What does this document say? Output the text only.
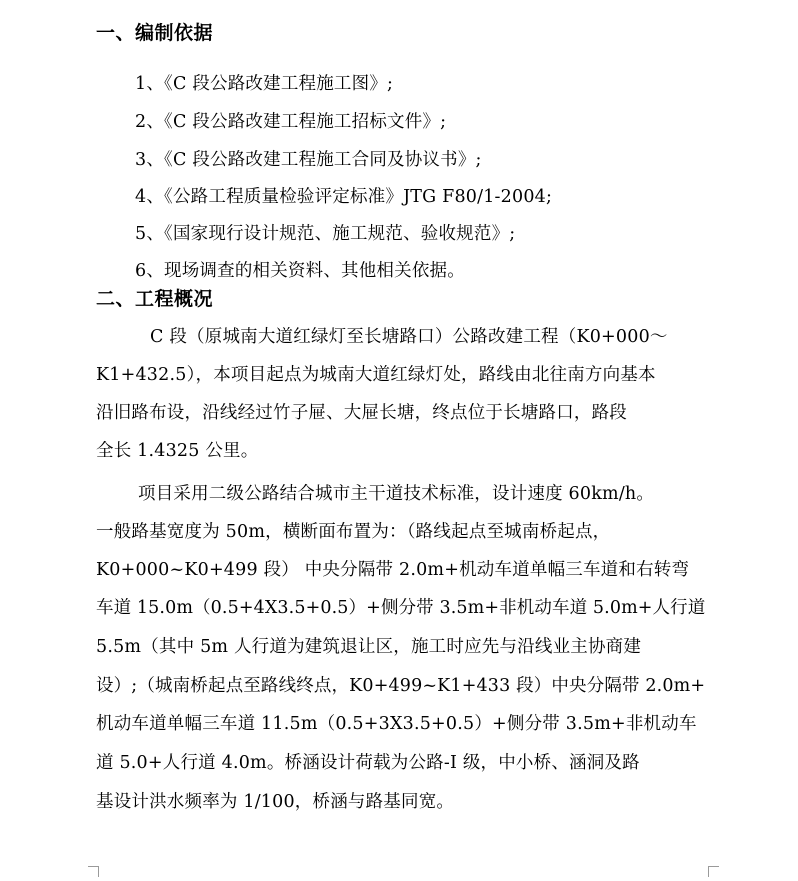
一、编制依据
1、《C 段公路改建工程施工图》;
2、《C 段公路改建工程施工招标文件》;
3、《C 段公路改建工程施工合同及协议书》;
4、《公路工程质量检验评定标准》JTG F80/1-2004;
5、《国家现行设计规范、施工规范、验收规范》;
6、现场调查的相关资料、其他相关依据。
二、工程概况
C 段（原城南大道红绿灯至长塘路口）公路改建工程（K0+000～
K1+432.5），本项目起点为城南大道红绿灯处，路线由北往南方向基本
沿旧路布设，沿线经过竹子屉、大屉长塘，终点位于长塘路口，路段
全长 1.4325 公里。
项目采用二级公路结合城市主干道技术标准，设计速度 60km/h。
一般路基宽度为 50m，横断面布置为：（路线起点至城南桥起点，
K0+000~K0+499 段） 中央分隔带 2.0m+机动车道单幅三车道和右转弯
车道 15.0m（0.5+4X3.5+0.5）+侧分带 3.5m+非机动车道 5.0m+人行道
5.5m（其中 5m 人行道为建筑退让区，施工时应先与沿线业主协商建
设）;（城南桥起点至路线终点，K0+499~K1+433 段）中央分隔带 2.0m+
机动车道单幅三车道 11.5m（0.5+3X3.5+0.5）+侧分带 3.5m+非机动车
道 5.0+人行道 4.0m。桥涵设计荷载为公路-I 级，中小桥、涵洞及路
基设计洪水频率为 1/100，桥涵与路基同宽。
